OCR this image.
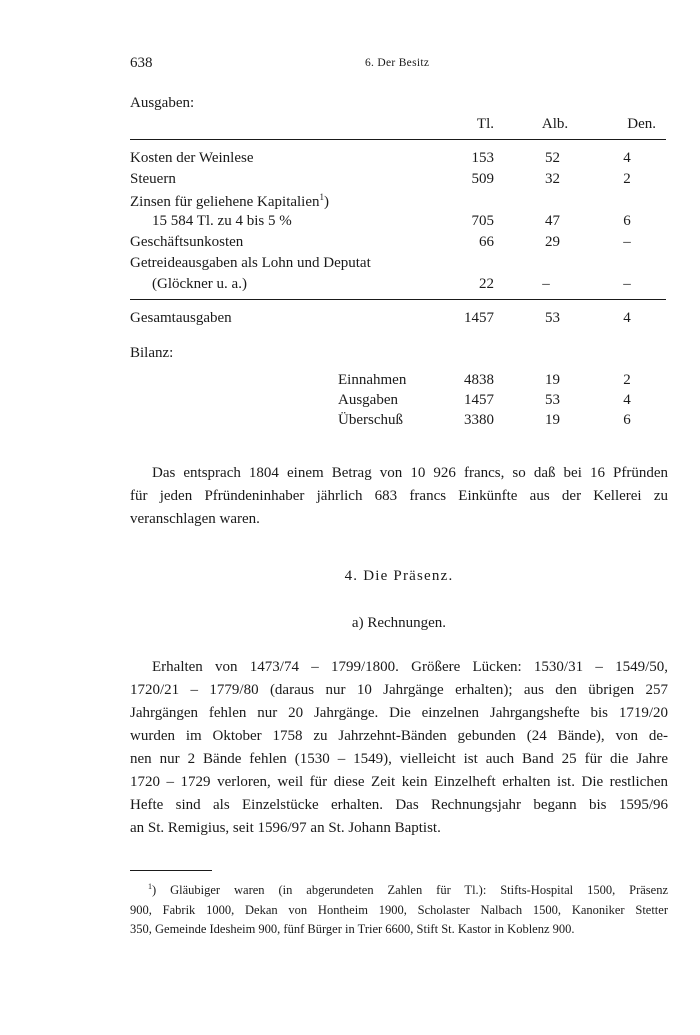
638	6. Der Besitz
Ausgaben:
Tl.	Alb.	Den.
Kosten der Weinlese	153	52	4
Steuern	509	32	2
Zinsen für geliehene Kapitalien$^1$)
15 584 Tl. zu 4 bis 5 %	705	47	6
Geschäftsunkosten	66	29	–
Getreideausgaben als Lohn und Deputat
(Glöckner u. a.)	22	–	–
Gesamtausgaben	1457	53	4
Bilanz:
Einnahmen	4838	19	2
Ausgaben	1457	53	4
Überschuß	3380	19	6
Das entsprach 1804 einem Betrag von 10 926 francs, so daß bei 16 Pfründen
für jeden Pfründeninhaber jährlich 683 francs Einkünfte aus der Kellerei zu
veranschlagen waren.
4. Die Präsenz.
a) Rechnungen.
Erhalten von 1473/74 – 1799/1800. Größere Lücken: 1530/31 – 1549/50,
1720/21 – 1779/80 (daraus nur 10 Jahrgänge erhalten); aus den übrigen 257
Jahrgängen fehlen nur 20 Jahrgänge. Die einzelnen Jahrgangshefte bis 1719/20
wurden im Oktober 1758 zu Jahrzehnt-Bänden gebunden (24 Bände), von de-
nen nur 2 Bände fehlen (1530 – 1549), vielleicht ist auch Band 25 für die Jahre
1720 – 1729 verloren, weil für diese Zeit kein Einzelheft erhalten ist. Die restlichen
Hefte sind als Einzelstücke erhalten. Das Rechnungsjahr begann bis 1595/96
an St. Remigius, seit 1596/97 an St. Johann Baptist.
$^1$) Gläubiger waren (in abgerundeten Zahlen für Tl.): Stifts-Hospital 1500, Präsenz
900, Fabrik 1000, Dekan von Hontheim 1900, Scholaster Nalbach 1500, Kanoniker Stetter
350, Gemeinde Idesheim 900, fünf Bürger in Trier 6600, Stift St. Kastor in Koblenz 900.
